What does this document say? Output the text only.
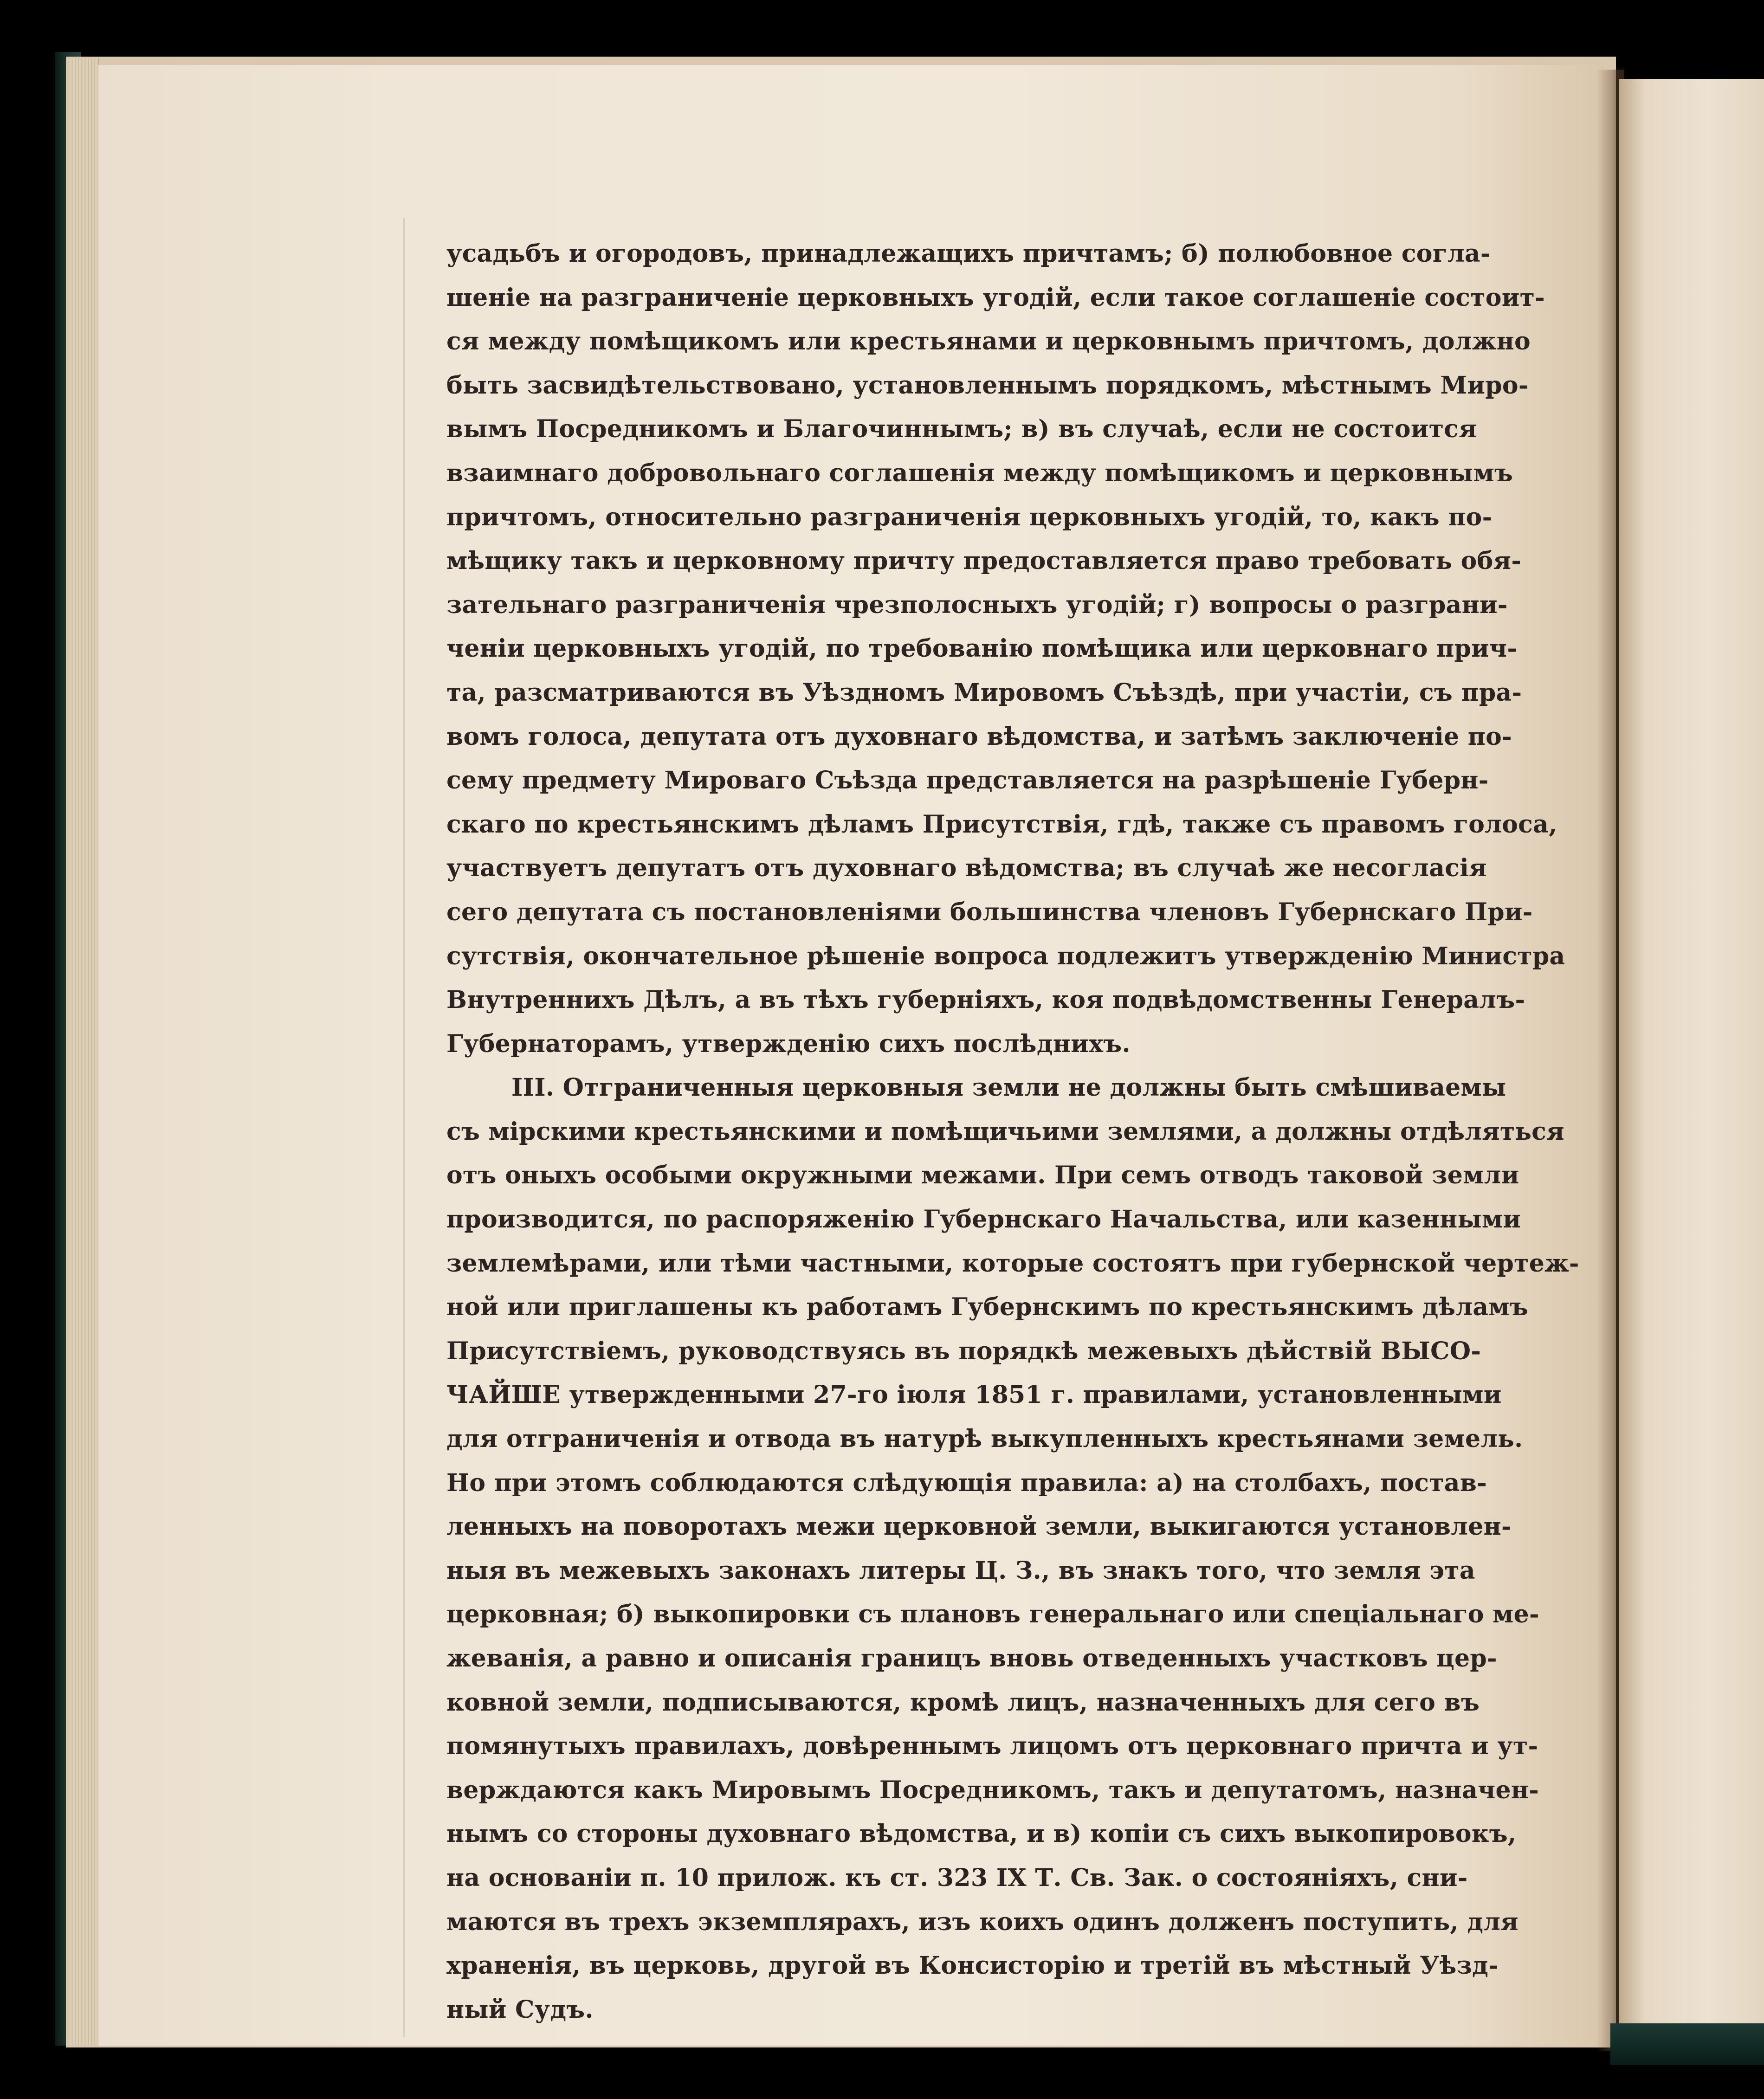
усадьбъ и огородовъ, принадлежащихъ причтамъ; б) полюбовное согла-
шеніе на разграниченіе церковныхъ угодій, если такое соглашеніе состоит-
ся между помѣщикомъ или крестьянами и церковнымъ причтомъ, должно
быть засвидѣтельствовано, установленнымъ порядкомъ, мѣстнымъ Миро-
вымъ Посредникомъ и Благочиннымъ; в) въ случаѣ, если не состоится
взаимнаго добровольнаго соглашенія между помѣщикомъ и церковнымъ
причтомъ, относительно разграниченія церковныхъ угодій, то, какъ по-
мѣщику такъ и церковному причту предоставляется право требовать обя-
зательнаго разграниченія чрезполосныхъ угодій; г) вопросы о разграни-
ченіи церковныхъ угодій, по требованію помѣщика или церковнаго прич-
та, разсматриваются въ Уѣздномъ Мировомъ Съѣздѣ, при участіи, съ пра-
вомъ голоса, депутата отъ духовнаго вѣдомства, и затѣмъ заключеніе по-
сему предмету Мироваго Съѣзда представляется на разрѣшеніе Губерн-
скаго по крестьянскимъ дѣламъ Присутствія, гдѣ, также съ правомъ голоса,
участвуетъ депутатъ отъ духовнаго вѣдомства; въ случаѣ же несогласія
сего депутата съ постановленіями большинства членовъ Губернскаго При-
сутствія, окончательное рѣшеніе вопроса подлежитъ утвержденію Министра
Внутреннихъ Дѣлъ, а въ тѣхъ губерніяхъ, коя подвѣдомственны Генералъ-
Губернаторамъ, утвержденію сихъ послѣднихъ.
III. Отграниченныя церковныя земли не должны быть смѣшиваемы
съ мірскими крестьянскими и помѣщичьими землями, а должны отдѣляться
отъ оныхъ особыми окружными межами. При семъ отводъ таковой земли
производится, по распоряженію Губернскаго Начальства, или казенными
землемѣрами, или тѣми частными, которые состоятъ при губернской чертеж-
ной или приглашены къ работамъ Губернскимъ по крестьянскимъ дѣламъ
Присутствіемъ, руководствуясь въ порядкѣ межевыхъ дѣйствій ВЫСО-
ЧАЙШЕ утвержденными 27-го іюля 1851 г. правилами, установленными
для отграниченія и отвода въ натурѣ выкупленныхъ крестьянами земель.
Но при этомъ соблюдаются слѣдующія правила: а) на столбахъ, постав-
ленныхъ на поворотахъ межи церковной земли, выкигаются установлен-
ныя въ межевыхъ законахъ литеры Ц. З., въ знакъ того, что земля эта
церковная; б) выкопировки съ плановъ генеральнаго или спеціальнаго ме-
жеванія, а равно и описанія границъ вновь отведенныхъ участковъ цер-
ковной земли, подписываются, кромѣ лицъ, назначенныхъ для сего въ
помянутыхъ правилахъ, довѣреннымъ лицомъ отъ церковнаго причта и ут-
верждаются какъ Мировымъ Посредникомъ, такъ и депутатомъ, назначен-
нымъ со стороны духовнаго вѣдомства, и в) копіи съ сихъ выкопировокъ,
на основаніи п. 10 прилож. къ ст. 323 IX Т. Св. Зак. о состояніяхъ, сни-
маются въ трехъ экземплярахъ, изъ коихъ одинъ долженъ поступить, для
храненія, въ церковь, другой въ Консисторію и третій въ мѣстный Уѣзд-
ный Судъ.
